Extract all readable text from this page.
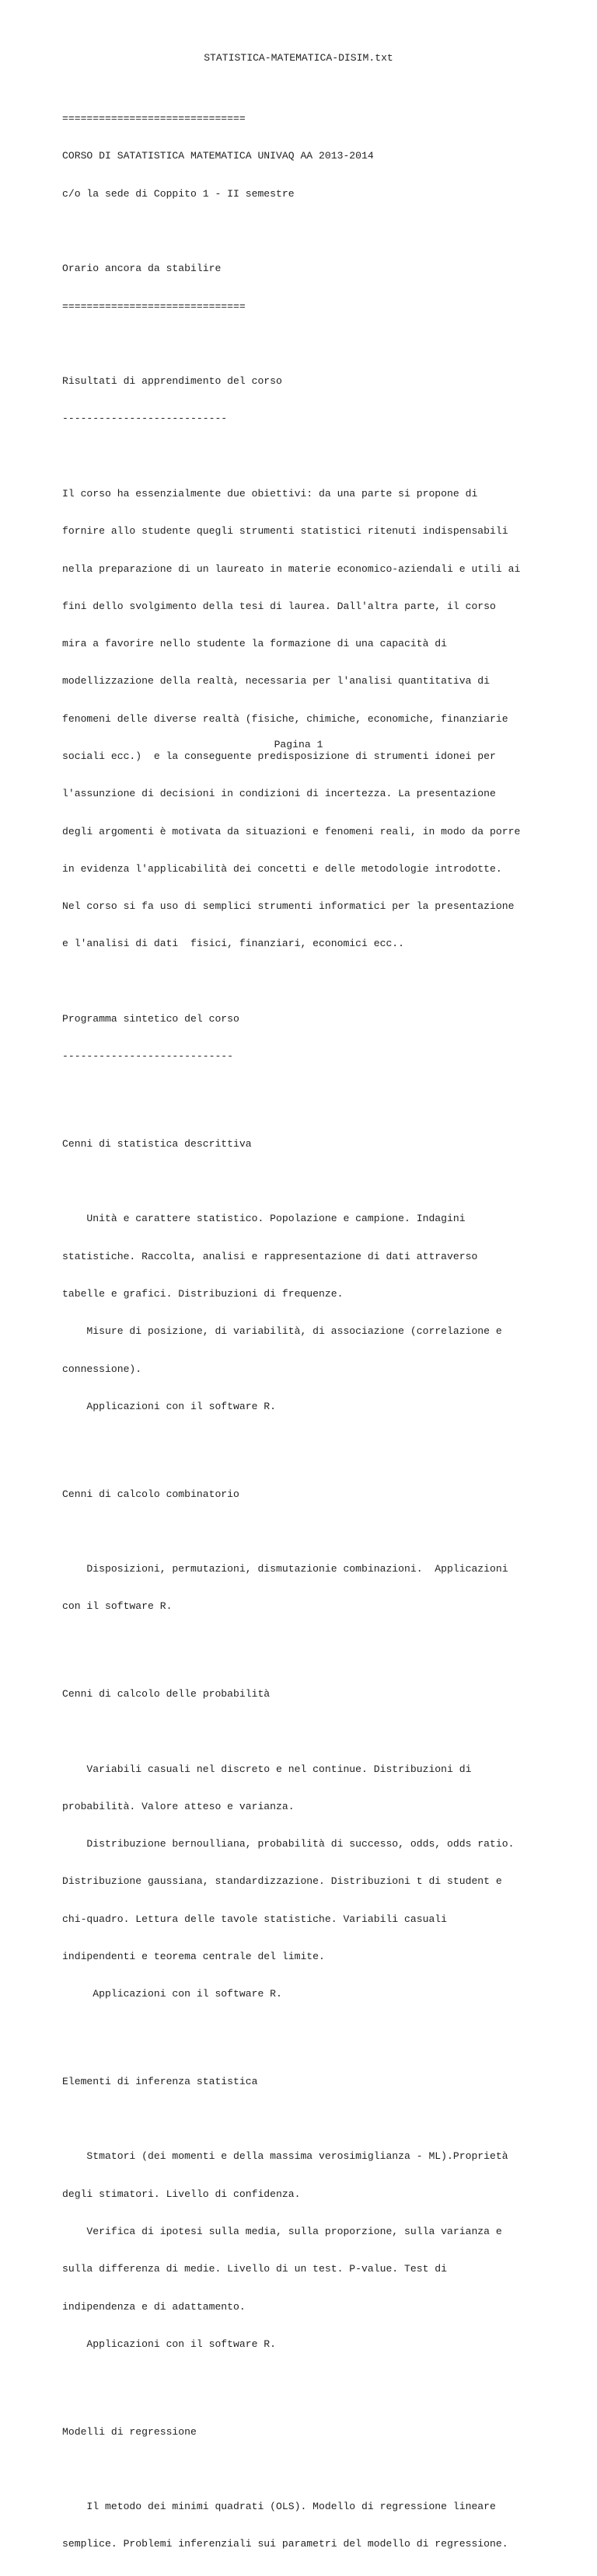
STATISTICA-MATEMATICA-DISIM.txt

==============================

CORSO DI SATATISTICA MATEMATICA UNIVAQ AA 2013-2014

c/o la sede di Coppito 1 - II semestre

Orario ancora da stabilire

==============================

Risultati di apprendimento del corso

---------------------------

Il corso ha essenzialmente due obiettivi: da una parte si propone di

fornire allo studente quegli strumenti statistici ritenuti indispensabili

nella preparazione di un laureato in materie economico-aziendali e utili ai

fini dello svolgimento della tesi di laurea. Dall'altra parte, il corso

mira a favorire nello studente la formazione di una capacità di

modellizzazione della realtà, necessaria per l'analisi quantitativa di

fenomeni delle diverse realtà (fisiche, chimiche, economiche, finanziarie

sociali ecc.)  e la conseguente predisposizione di strumenti idonei per

l'assunzione di decisioni in condizioni di incertezza. La presentazione

degli argomenti è motivata da situazioni e fenomeni reali, in modo da porre

in evidenza l'applicabilità dei concetti e delle metodologie introdotte.

Nel corso si fa uso di semplici strumenti informatici per la presentazione

e l'analisi di dati  fisici, finanziari, economici ecc..

Programma sintetico del corso

----------------------------

Cenni di statistica descrittiva

Unità e carattere statistico. Popolazione e campione. Indagini

statistiche. Raccolta, analisi e rappresentazione di dati attraverso

tabelle e grafici. Distribuzioni di frequenze.

Misure di posizione, di variabilità, di associazione (correlazione e

connessione).

Applicazioni con il software R.

Cenni di calcolo combinatorio

Disposizioni, permutazioni, dismutazionie combinazioni.  Applicazioni

con il software R.

Cenni di calcolo delle probabilità

Variabili casuali nel discreto e nel continue. Distribuzioni di

probabilità. Valore atteso e varianza.

Distribuzione bernoulliana, probabilità di successo, odds, odds ratio.

Distribuzione gaussiana, standardizzazione. Distribuzioni t di student e

chi-quadro. Lettura delle tavole statistiche. Variabili casuali

indipendenti e teorema centrale del limite.

Applicazioni con il software R.

Elementi di inferenza statistica

Stmatori (dei momenti e della massima verosimiglianza - ML).Proprietà

degli stimatori. Livello di confidenza.

Verifica di ipotesi sulla media, sulla proporzione, sulla varianza e

sulla differenza di medie. Livello di un test. P-value. Test di

indipendenza e di adattamento.

Applicazioni con il software R.

Modelli di regressione

Il metodo dei minimi quadrati (OLS). Modello di regressione lineare

semplice. Problemi inferenziali sui parametri del modello di regressione.

Pagina 1
